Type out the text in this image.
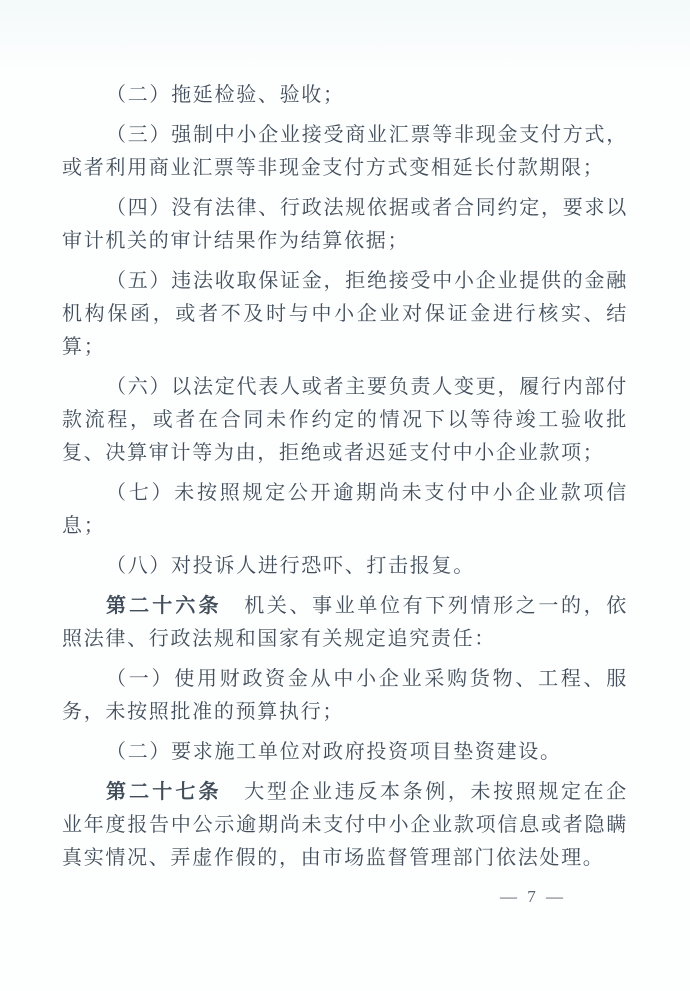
（二）拖延检验、验收；

（三）强制中小企业接受商业汇票等非现金支付方式，或者利用商业汇票等非现金支付方式变相延长付款期限；

（四）没有法律、行政法规依据或者合同约定，要求以审计机关的审计结果作为结算依据；

（五）违法收取保证金，拒绝接受中小企业提供的金融机构保函，或者不及时与中小企业对保证金进行核实、结算；

（六）以法定代表人或者主要负责人变更，履行内部付款流程，或者在合同未作约定的情况下以等待竣工验收批复、决算审计等为由，拒绝或者迟延支付中小企业款项；

（七）未按照规定公开逾期尚未支付中小企业款项信息；

（八）对投诉人进行恐吓、打击报复。

第二十六条　机关、事业单位有下列情形之一的，依照法律、行政法规和国家有关规定追究责任：

（一）使用财政资金从中小企业采购货物、工程、服务，未按照批准的预算执行；

（二）要求施工单位对政府投资项目垫资建设。

第二十七条　大型企业违反本条例，未按照规定在企业年度报告中公示逾期尚未支付中小企业款项信息或者隐瞒真实情况、弄虚作假的，由市场监督管理部门依法处理。

— 7 —
